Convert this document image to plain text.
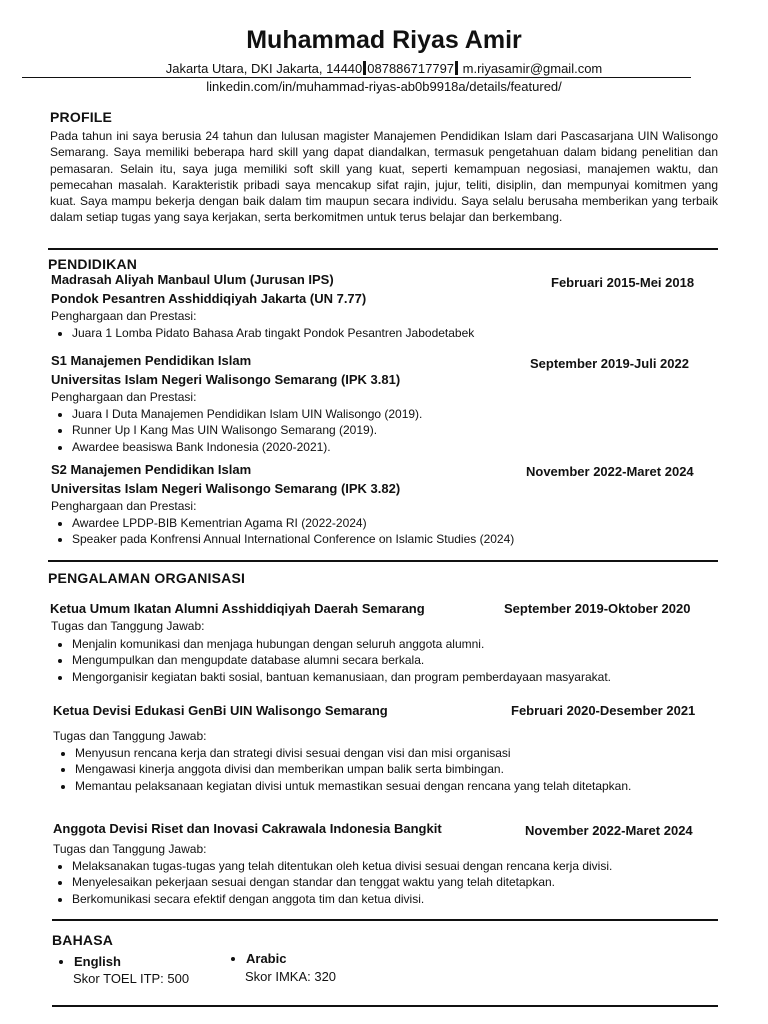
Muhammad Riyas Amir
Jakarta Utara, DKI Jakarta, 14440 087886717797 m.riyasamir@gmail.com
linkedin.com/in/muhammad-riyas-ab0b9918a/details/featured/
PROFILE
Pada tahun ini saya berusia 24 tahun dan lulusan magister Manajemen Pendidikan Islam dari Pascasarjana UIN Walisongo Semarang. Saya memiliki beberapa hard skill yang dapat diandalkan, termasuk pengetahuan dalam bidang penelitian dan pemasaran. Selain itu, saya juga memiliki soft skill yang kuat, seperti kemampuan negosiasi, manajemen waktu, dan pemecahan masalah. Karakteristik pribadi saya mencakup sifat rajin, jujur, teliti, disiplin, dan mempunyai komitmen yang kuat. Saya mampu bekerja dengan baik dalam tim maupun secara individu. Saya selalu berusaha memberikan yang terbaik dalam setiap tugas yang saya kerjakan, serta berkomitmen untuk terus belajar dan berkembang.
PENDIDIKAN
Madrasah Aliyah Manbaul Ulum (Jurusan IPS)	Februari 2015-Mei 2018
Pondok Pesantren Asshiddiqiyah Jakarta (UN 7.77)
Penghargaan dan Prestasi:
• Juara 1 Lomba Pidato Bahasa Arab tingakt Pondok Pesantren Jabodetabek
S1 Manajemen Pendidikan Islam	September 2019-Juli 2022
Universitas Islam Negeri Walisongo Semarang (IPK 3.81)
Penghargaan dan Prestasi:
• Juara I Duta Manajemen Pendidikan Islam UIN Walisongo (2019).
• Runner Up I Kang Mas UIN Walisongo Semarang (2019).
• Awardee beasiswa Bank Indonesia (2020-2021).
S2 Manajemen Pendidikan Islam	November 2022-Maret 2024
Universitas Islam Negeri Walisongo Semarang (IPK 3.82)
Penghargaan dan Prestasi:
• Awardee LPDP-BIB Kementrian Agama RI (2022-2024)
• Speaker pada Konfrensi Annual International Conference on Islamic Studies (2024)
PENGALAMAN ORGANISASI
Ketua Umum Ikatan Alumni Asshiddiqiyah Daerah Semarang	September 2019-Oktober 2020
Tugas dan Tanggung Jawab:
• Menjalin komunikasi dan menjaga hubungan dengan seluruh anggota alumni.
• Mengumpulkan dan mengupdate database alumni secara berkala.
• Mengorganisir kegiatan bakti sosial, bantuan kemanusiaan, dan program pemberdayaan masyarakat.
Ketua Devisi Edukasi GenBi UIN Walisongo Semarang	Februari 2020-Desember 2021
Tugas dan Tanggung Jawab:
• Menyusun rencana kerja dan strategi divisi sesuai dengan visi dan misi organisasi
• Mengawasi kinerja anggota divisi dan memberikan umpan balik serta bimbingan.
• Memantau pelaksanaan kegiatan divisi untuk memastikan sesuai dengan rencana yang telah ditetapkan.
Anggota Devisi Riset dan Inovasi Cakrawala Indonesia Bangkit	November 2022-Maret 2024
Tugas dan Tanggung Jawab:
• Melaksanakan tugas-tugas yang telah ditentukan oleh ketua divisi sesuai dengan rencana kerja divisi.
• Menyelesaikan pekerjaan sesuai dengan standar dan tenggat waktu yang telah ditetapkan.
• Berkomunikasi secara efektif dengan anggota tim dan ketua divisi.
BAHASA
• English
Skor TOEL ITP: 500
• Arabic
Skor IMKA: 320
